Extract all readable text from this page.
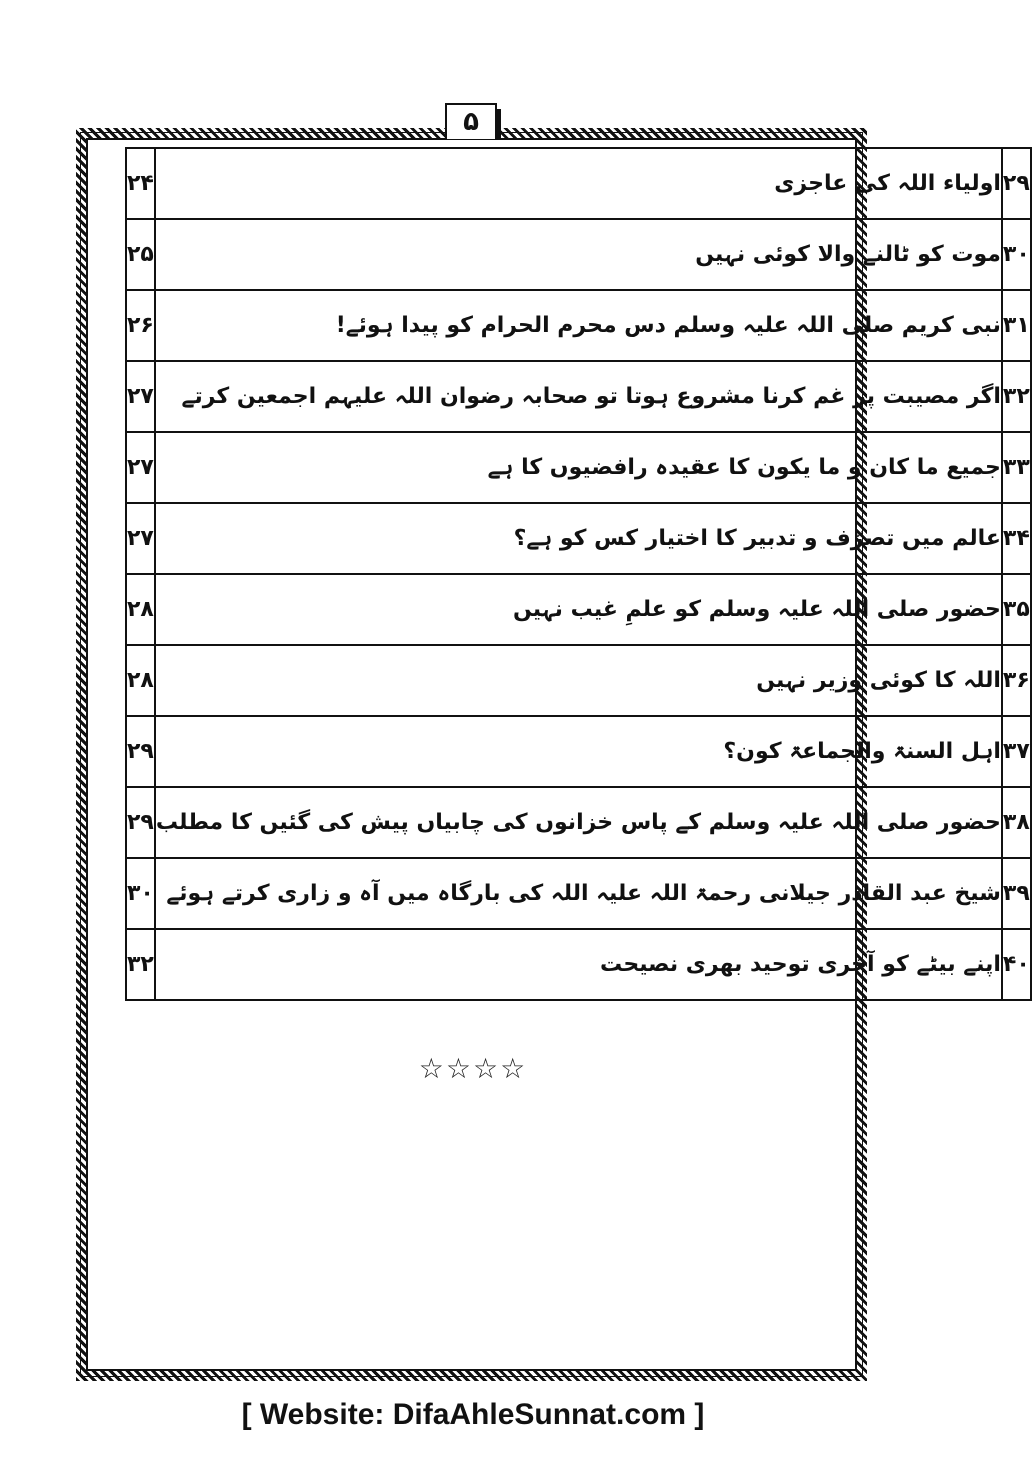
۵
۲۹	اولیاء اللہ کی عاجزی	۲۴
۳۰	موت کو ٹالنے والا کوئی نہیں	۲۵
۳۱	نبی کریم صلی اللہ علیہ وسلم دس محرم الحرام کو پیدا ہوئے!	۲۶
۳۲	اگر مصیبت پر غم کرنا مشروع ہوتا تو صحابہ رضوان اللہ علیہم اجمعین کرتے	۲۷
۳۳	جمیع ما کان و ما یکون کا عقیدہ رافضیوں کا ہے	۲۷
۳۴	عالم میں تصرّف و تدبیر کا اختیار کس کو ہے؟	۲۷
۳۵	حضور صلی اللہ علیہ وسلم کو علمِ غیب نہیں	۲۸
۳۶	اللہ کا کوئی وزیر نہیں	۲۸
۳۷	اہل السنۃ والجماعۃ کون؟	۲۹
۳۸	حضور صلی اللہ علیہ وسلم کے پاس خزانوں کی چابیاں پیش کی گئیں کا مطلب	۲۹
۳۹	شیخ عبد القادر جیلانی رحمۃ اللہ علیہ اللہ کی بارگاہ میں آہ و زاری کرتے ہوئے	۳۰
۴۰	اپنے بیٹے کو آخری توحید بھری نصیحت	۳۲
☆☆☆☆
[ Website: DifaAhleSunnat.com ]
